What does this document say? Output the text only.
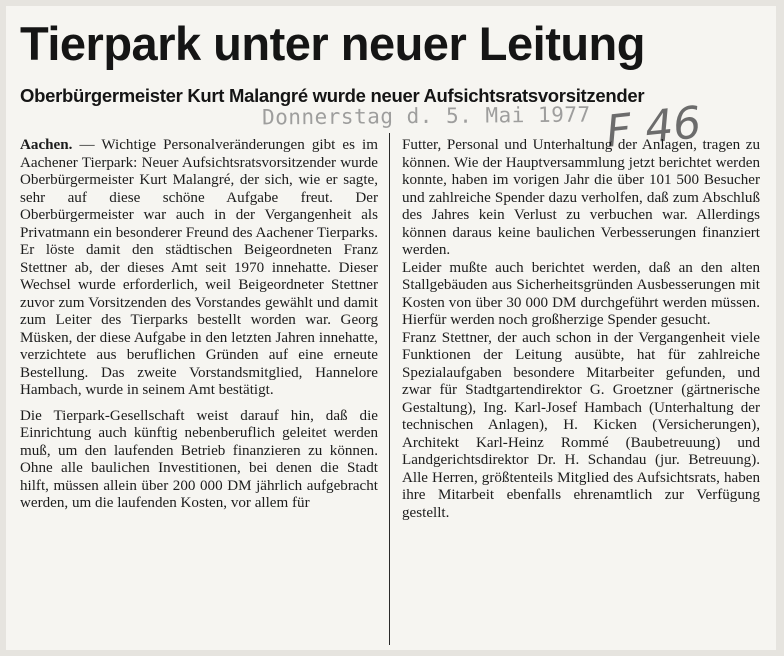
Tierpark unter neuer Leitung
Oberbürgermeister Kurt Malangré wurde neuer Aufsichtsratsvorsitzender
Donnerstag d. 5. Mai 1977 F 46

Aachen. — Wichtige Personalveränderungen gibt es im Aachener Tierpark: Neuer Aufsichtsratsvorsitzender wurde Oberbürgermeister Kurt Malangré, der sich, wie er sagte, sehr auf diese schöne Aufgabe freut. Der Oberbürgermeister war auch in der Vergangenheit als Privatmann ein besonderer Freund des Aachener Tierparks. Er löste damit den städtischen Beigeordneten Franz Stettner ab, der dieses Amt seit 1970 innehatte. Dieser Wechsel wurde erforderlich, weil Beigeordneter Stettner zuvor zum Vorsitzenden des Vorstandes gewählt und damit zum Leiter des Tierparks bestellt worden war. Georg Müsken, der diese Aufgabe in den letzten Jahren innehatte, verzichtete aus beruflichen Gründen auf eine erneute Bestellung. Das zweite Vorstandsmitglied, Hannelore Hambach, wurde in seinem Amt bestätigt.

Die Tierpark-Gesellschaft weist darauf hin, daß die Einrichtung auch künftig nebenberuflich geleitet werden muß, um den laufenden Betrieb finanzieren zu können. Ohne alle baulichen Investitionen, bei denen die Stadt hilft, müssen allein über 200 000 DM jährlich aufgebracht werden, um die laufenden Kosten, vor allem für

Futter, Personal und Unterhaltung der Anlagen, tragen zu können. Wie der Hauptversammlung jetzt berichtet werden konnte, haben im vorigen Jahr die über 101 500 Besucher und zahlreiche Spender dazu verholfen, daß zum Abschluß des Jahres kein Verlust zu verbuchen war. Allerdings können daraus keine baulichen Verbesserungen finanziert werden.

Leider mußte auch berichtet werden, daß an den alten Stallgebäuden aus Sicherheitsgründen Ausbesserungen mit Kosten von über 30 000 DM durchgeführt werden müssen. Hierfür werden noch großherzige Spender gesucht.

Franz Stettner, der auch schon in der Vergangenheit viele Funktionen der Leitung ausübte, hat für zahlreiche Spezialaufgaben besondere Mitarbeiter gefunden, und zwar für Stadtgartendirektor G. Groetzner (gärtnerische Gestaltung), Ing. Karl-Josef Hambach (Unterhaltung der technischen Anlagen), H. Kicken (Versicherungen), Architekt Karl-Heinz Rommé (Baubetreuung) und Landgerichtsdirektor Dr. H. Schandau (jur. Betreuung). Alle Herren, größtenteils Mitglied des Aufsichtsrats, haben ihre Mitarbeit ebenfalls ehrenamtlich zur Verfügung gestellt.
